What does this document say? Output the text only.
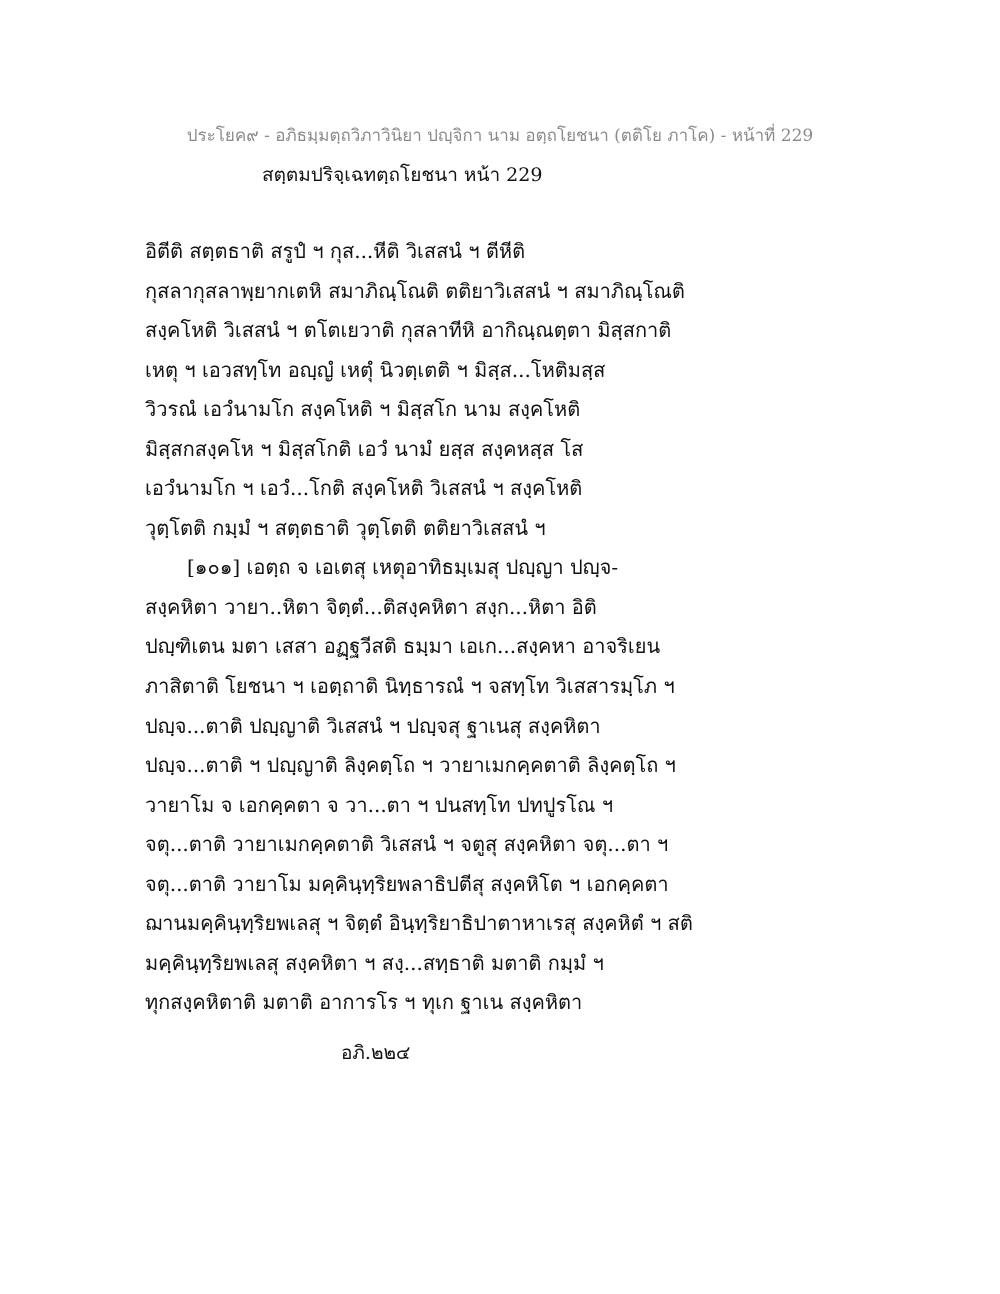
ประโยค๙ - อภิธมฺมตฺถวิภาวินิยา ปญฺจิกา นาม อตฺถโยชนา (ตติโย ภาโค) - หน้าที่ 229
สตฺตมปริจฺเฉทตฺถโยชนา หน้า 229
อิตีติ สตฺตธาติ สรูปํ ฯ กุส...หีติ วิเสสนํ ฯ ตีหีติ
กุสลากุสลาพฺยากเตหิ สมาภิณฺโณติ ตติยาวิเสสนํ ฯ สมาภิณฺโณติ
สงฺคโหติ วิเสสนํ ฯ ตโตเยวาติ กุสลาทีหิ อากิณฺณตฺตา มิสฺสกาติ
เหตุ ฯ เอวสทฺโท อญฺญํ เหตุํ นิวตฺเตติ ฯ มิสฺส...โหติมสฺส
วิวรณํ เอวํนามโก สงฺคโหติ ฯ มิสฺสโก นาม สงฺคโหติ
มิสฺสกสงฺคโห ฯ มิสฺสโกติ เอวํ นามํ ยสฺส สงฺคหสฺส โส
เอวํนามโก ฯ เอวํ...โกติ สงฺคโหติ วิเสสนํ ฯ สงฺคโหติ
วุตฺโตติ กมฺมํ ฯ สตฺตธาติ วุตฺโตติ ตติยาวิเสสนํ ฯ
[๑๐๑] เอตฺถ จ เอเตสุ เหตุอาทิธมฺเมสุ ปญฺญา ปญฺจ-
สงฺคหิตา วายา..หิตา จิตฺตํ...ติสงฺคหิตา สงฺก...หิตา อิติ
ปญฺฑิเตน มตา เสสา อฏฺฐวีสติ ธมฺมา เอเก...สงฺคหา อาจริเยน
ภาสิตาติ โยชนา ฯ เอตฺถาติ นิทฺธารณํ ฯ จสทฺโท วิเสสารมฺโภ ฯ
ปญฺจ...ตาติ ปญฺญาติ วิเสสนํ ฯ ปญฺจสุ ฐาเนสุ สงฺคหิตา
ปญฺจ...ตาติ ฯ ปญฺญาติ ลิงฺคตฺโถ ฯ วายาเมกคฺคตาติ ลิงฺคตฺโถ ฯ
วายาโม จ เอกคฺคตา จ วา...ตา ฯ ปนสทฺโท ปทปูรโณ ฯ
จตุ...ตาติ วายาเมกคฺคตาติ วิเสสนํ ฯ จตูสุ สงฺคหิตา จตุ...ตา ฯ
จตุ...ตาติ วายาโม มคฺคินฺทฺริยพลาธิปตีสุ สงฺคหิโต ฯ เอกคฺคตา
ฌานมคฺคินฺทฺริยพเลสุ ฯ จิตฺตํ อินฺทฺริยาธิปาตาหาเรสุ สงฺคหิตํ ฯ สติ
มคฺคินฺทฺริยพเลสุ สงฺคหิตา ฯ สงฺ...สทฺธาติ มตาติ กมฺมํ ฯ
ทุกสงฺคหิตาติ มตาติ อาการโร ฯ ทุเก ฐาเน สงฺคหิตา
อภิ.๒๒๔
